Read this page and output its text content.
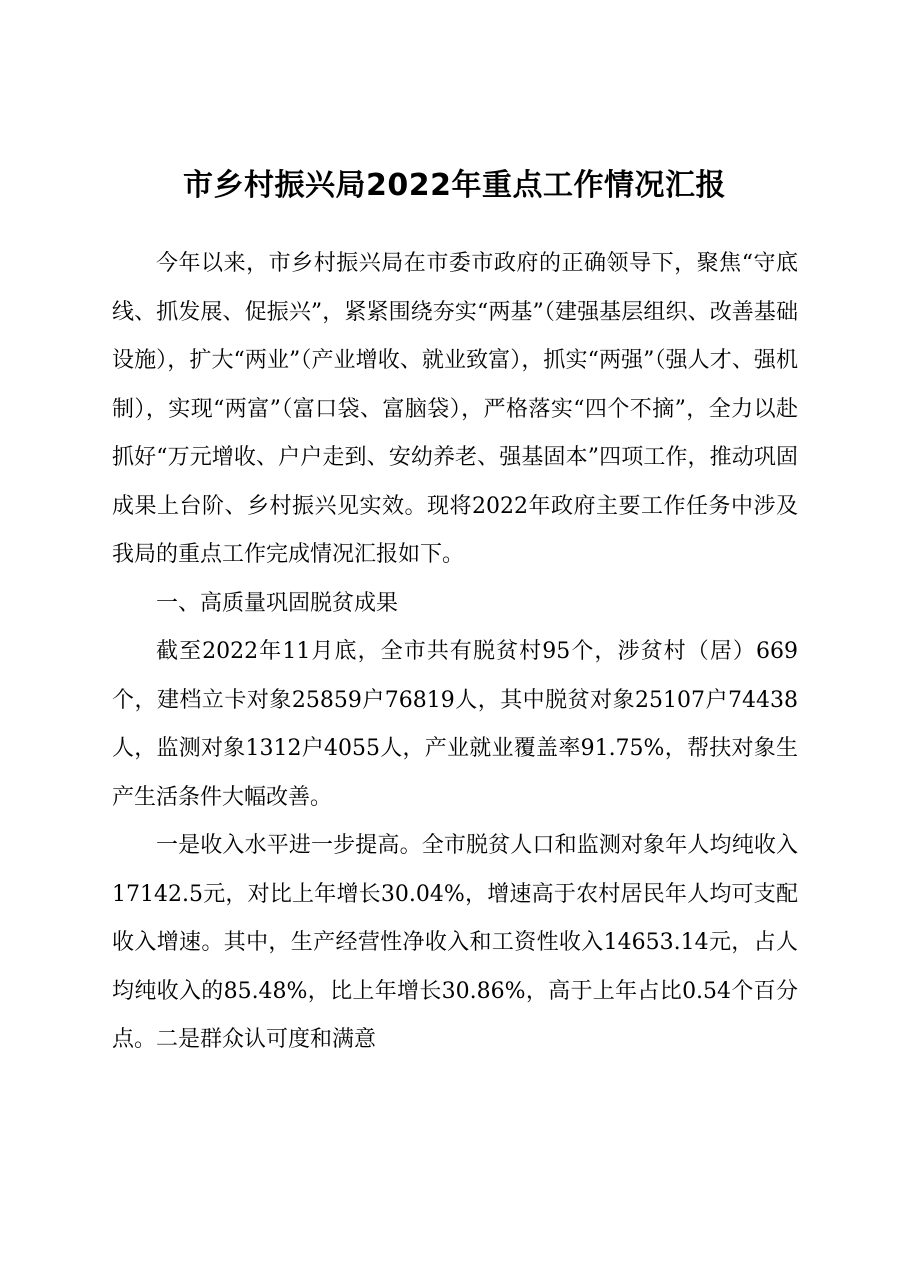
市乡村振兴局2022年重点工作情况汇报

今年以来，市乡村振兴局在市委市政府的正确领导下，聚焦“守底线、抓发展、促振兴”，紧紧围绕夯实“两基”（建强基层组织、改善基础设施），扩大“两业”（产业增收、就业致富），抓实“两强”（强人才、强机制），实现“两富”（富口袋、富脑袋），严格落实“四个不摘”，全力以赴抓好“万元增收、户户走到、安幼养老、强基固本”四项工作，推动巩固成果上台阶、乡村振兴见实效。现将2022年政府主要工作任务中涉及我局的重点工作完成情况汇报如下。

一、高质量巩固脱贫成果

截至2022年11月底，全市共有脱贫村95个，涉贫村（居）669个，建档立卡对象25859户76819人，其中脱贫对象25107户74438人，监测对象1312户4055人，产业就业覆盖率91.75%，帮扶对象生产生活条件大幅改善。

一是收入水平进一步提高。全市脱贫人口和监测对象年人均纯收入17142.5元，对比上年增长30.04%，增速高于农村居民年人均可支配收入增速。其中，生产经营性净收入和工资性收入14653.14元，占人均纯收入的85.48%，比上年增长30.86%，高于上年占比0.54个百分点。二是群众认可度和满意
